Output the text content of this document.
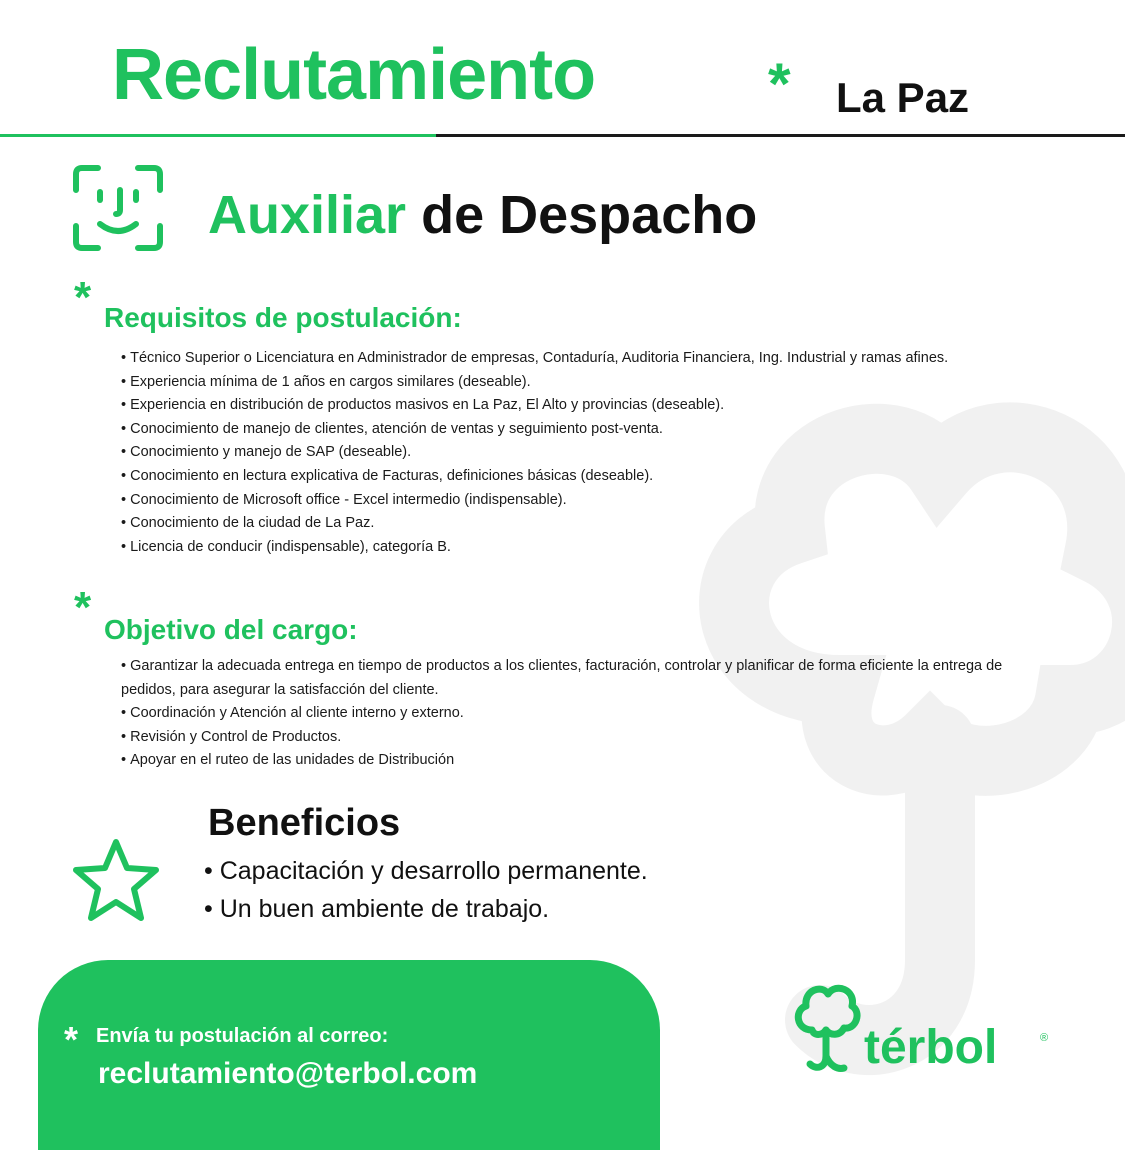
Reclutamiento	* La Paz
Auxiliar de Despacho
* Requisitos de postulación:
• Técnico Superior o Licenciatura en Administrador de empresas, Contaduría, Auditoria Financiera, Ing. Industrial y ramas afines.
• Experiencia mínima de 1 años en cargos similares (deseable).
• Experiencia en distribución de productos masivos en La Paz, El Alto y provincias (deseable).
• Conocimiento de manejo de clientes, atención de ventas y seguimiento post-venta.
• Conocimiento y manejo de SAP (deseable).
• Conocimiento en lectura explicativa de Facturas, definiciones básicas (deseable).
• Conocimiento de Microsoft office - Excel intermedio (indispensable).
• Conocimiento de la ciudad de La Paz.
• Licencia de conducir (indispensable), categoría B.
* Objetivo del cargo:
• Garantizar la adecuada entrega en tiempo de productos a los clientes, facturación, controlar y planificar de forma eficiente la entrega de pedidos, para asegurar la satisfacción del cliente.
• Coordinación y Atención al cliente interno y externo.
• Revisión y Control de Productos.
• Apoyar en el ruteo de las unidades de Distribución
Beneficios
• Capacitación y desarrollo permanente.
• Un buen ambiente de trabajo.
* Envía tu postulación al correo:
reclutamiento@terbol.com	térbol	®
